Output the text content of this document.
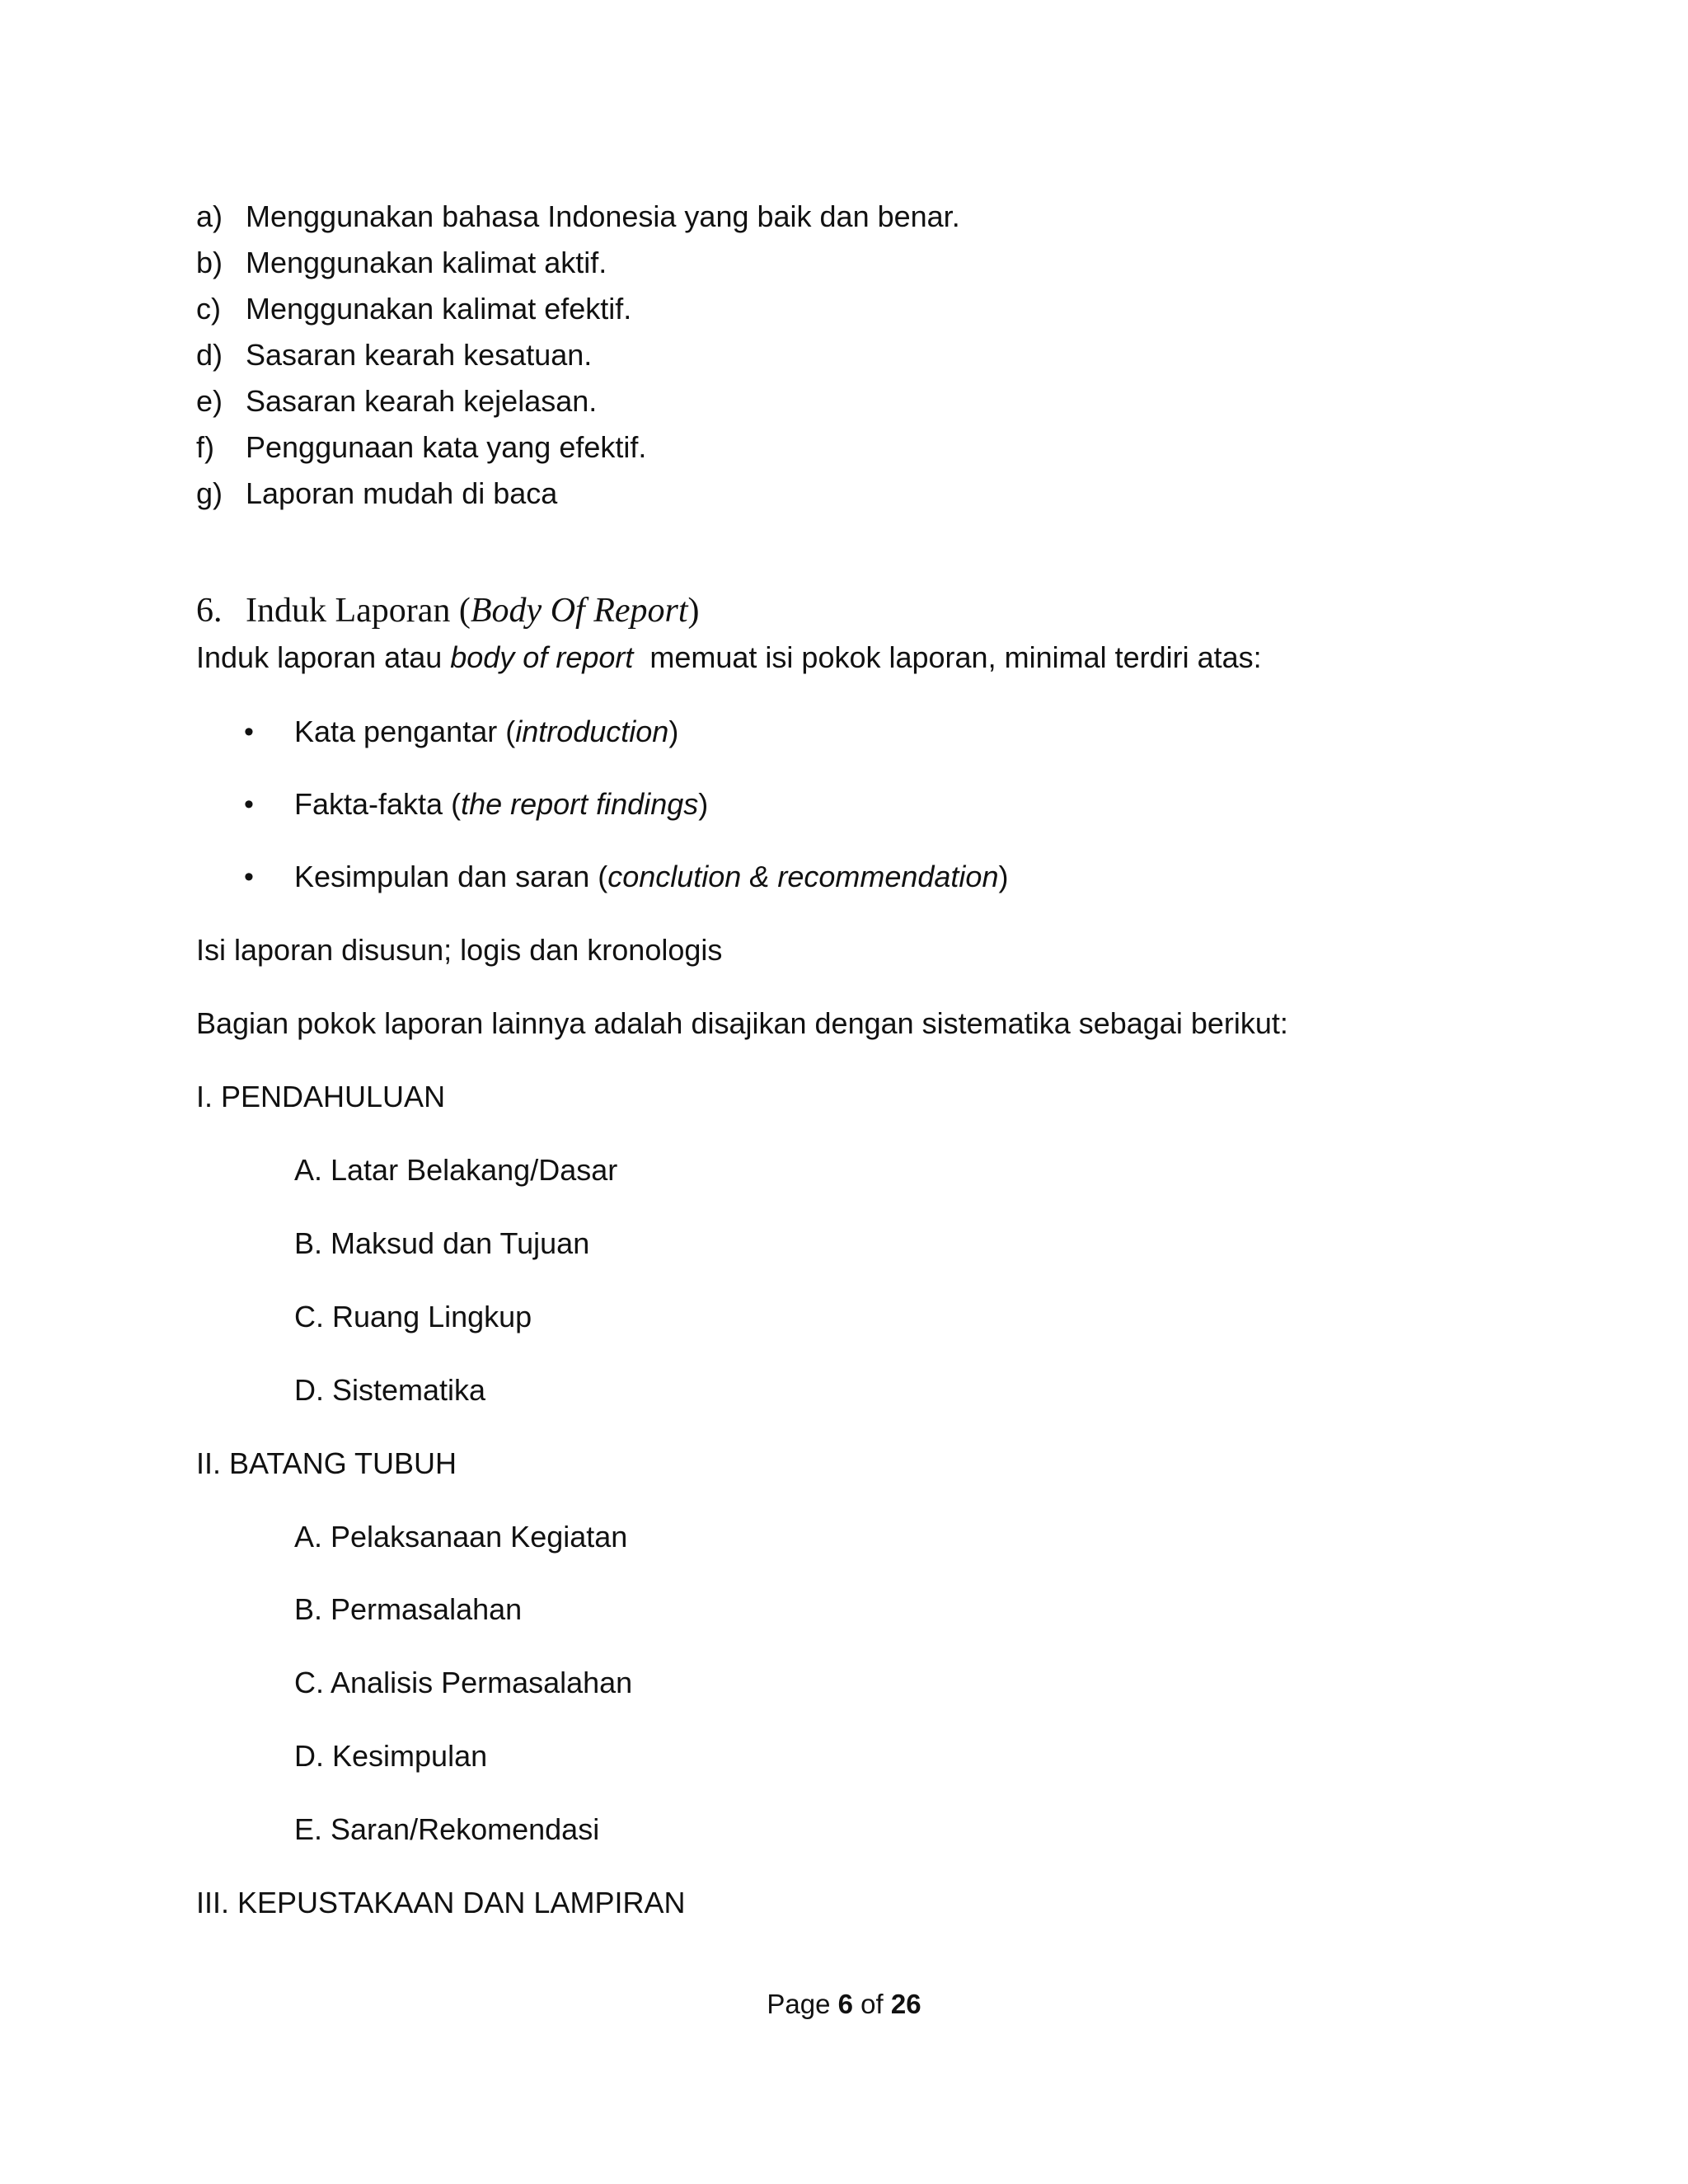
a) Menggunakan bahasa Indonesia yang baik dan benar.
b) Menggunakan kalimat aktif.
c) Menggunakan kalimat efektif.
d) Sasaran kearah kesatuan.
e) Sasaran kearah kejelasan.
f) Penggunaan kata yang efektif.
g) Laporan mudah di baca
6. Induk Laporan (Body Of Report)
Induk laporan atau body of report  memuat isi pokok laporan, minimal terdiri atas:
• Kata pengantar (introduction)
• Fakta-fakta (the report findings)
• Kesimpulan dan saran (conclution & recommendation)
Isi laporan disusun; logis dan kronologis
Bagian pokok laporan lainnya adalah disajikan dengan sistematika sebagai berikut:
I. PENDAHULUAN
A. Latar Belakang/Dasar
B. Maksud dan Tujuan
C. Ruang Lingkup
D. Sistematika
II. BATANG TUBUH
A. Pelaksanaan Kegiatan
B. Permasalahan
C. Analisis Permasalahan
D. Kesimpulan
E. Saran/Rekomendasi
III. KEPUSTAKAAN DAN LAMPIRAN
Page 6 of 26
